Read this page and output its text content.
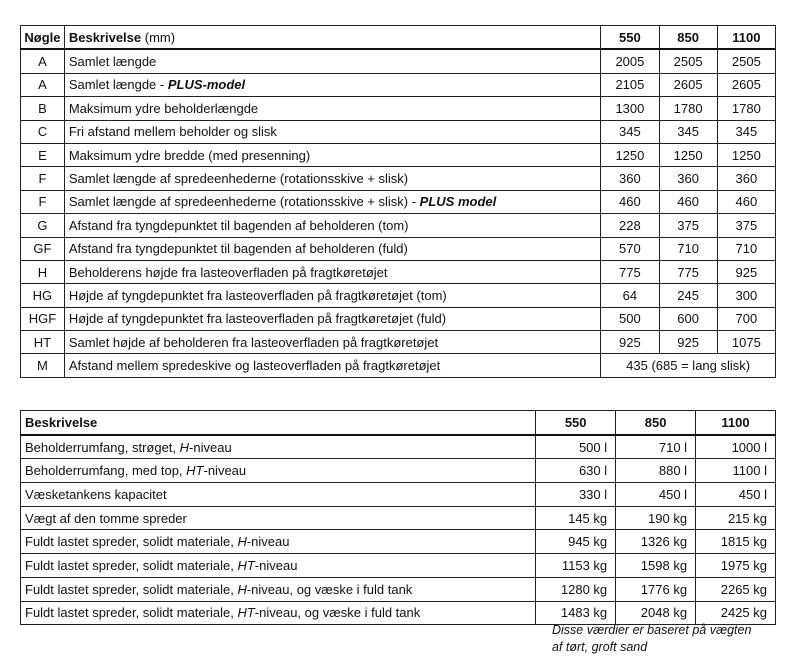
Nøgle	Beskrivelse (mm)	550	850	1100
A	Samlet længde	2005	2505	2505
A	Samlet længde - PLUS-model	2105	2605	2605
B	Maksimum ydre beholderlængde	1300	1780	1780
C	Fri afstand mellem beholder og slisk	345	345	345
E	Maksimum ydre bredde (med presenning)	1250	1250	1250
F	Samlet længde af spredeenhederne (rotationsskive + slisk)	360	360	360
F	Samlet længde af spredeenhederne (rotationsskive + slisk) - PLUS model	460	460	460
G	Afstand fra tyngdepunktet til bagenden af beholderen (tom)	228	375	375
GF	Afstand fra tyngdepunktet til bagenden af beholderen (fuld)	570	710	710
H	Beholderens højde fra lasteoverfladen på fragtkøretøjet	775	775	925
HG	Højde af tyngdepunktet fra lasteoverfladen på fragtkøretøjet (tom)	64	245	300
HGF	Højde af tyngdepunktet fra lasteoverfladen på fragtkøretøjet (fuld)	500	600	700
HT	Samlet højde af beholderen fra lasteoverfladen på fragtkøretøjet	925	925	1075
M	Afstand mellem spredeskive og lasteoverfladen på fragtkøretøjet	435 (685 = lang slisk)		
Beskrivelse	550	850	1100
Beholderrumfang, strøget, H-niveau	500 l	710 l	1000 l
Beholderrumfang, med top, HT-niveau	630 l	880 l	1100 l
Væsketankens kapacitet	330 l	450 l	450 l
Vægt af den tomme spreder	145 kg	190 kg	215 kg
Fuldt lastet spreder, solidt materiale, H-niveau	945 kg	1326 kg	1815 kg
Fuldt lastet spreder, solidt materiale, HT-niveau	1153 kg	1598 kg	1975 kg
Fuldt lastet spreder, solidt materiale, H-niveau, og væske i fuld tank	1280 kg	1776 kg	2265 kg
Fuldt lastet spreder, solidt materiale, HT-niveau, og væske i fuld tank	1483 kg	2048 kg	2425 kg
Disse værdier er baseret på vægten
af tørt, groft sand
